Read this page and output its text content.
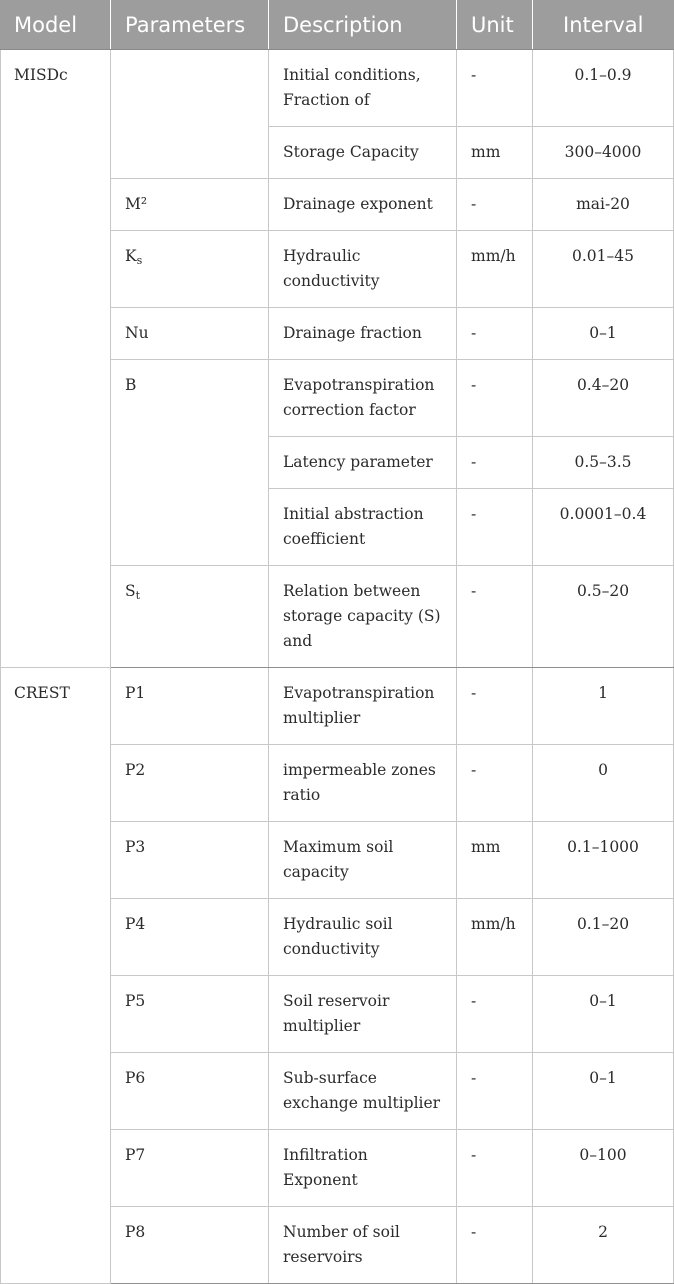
Model	Parameters	Description	Unit	Interval
MISDc		Initial conditions, Fraction of	-	0.1–0.9
		Storage Capacity	mm	300–4000
	M²	Drainage exponent	-	mai-20
	$K_s$	Hydraulic conductivity	mm/h	0.01–45
	Nu	Drainage fraction	-	0–1
	B	Evapotranspiration correction factor	-	0.4–20
		Latency parameter	-	0.5–3.5
		Initial abstraction coefficient	-	0.0001–0.4
	$S_t$	Relation between storage capacity (S) and	-	0.5–20
CREST	P1	Evapotranspiration multiplier	-	1
	P2	impermeable zones ratio	-	0
	P3	Maximum soil capacity	mm	0.1–1000
	P4	Hydraulic soil conductivity	mm/h	0.1–20
	P5	Soil reservoir multiplier	-	0–1
	P6	Sub-surface exchange multiplier	-	0–1
	P7	Infiltration Exponent	-	0–100
	P8	Number of soil reservoirs	-	2
